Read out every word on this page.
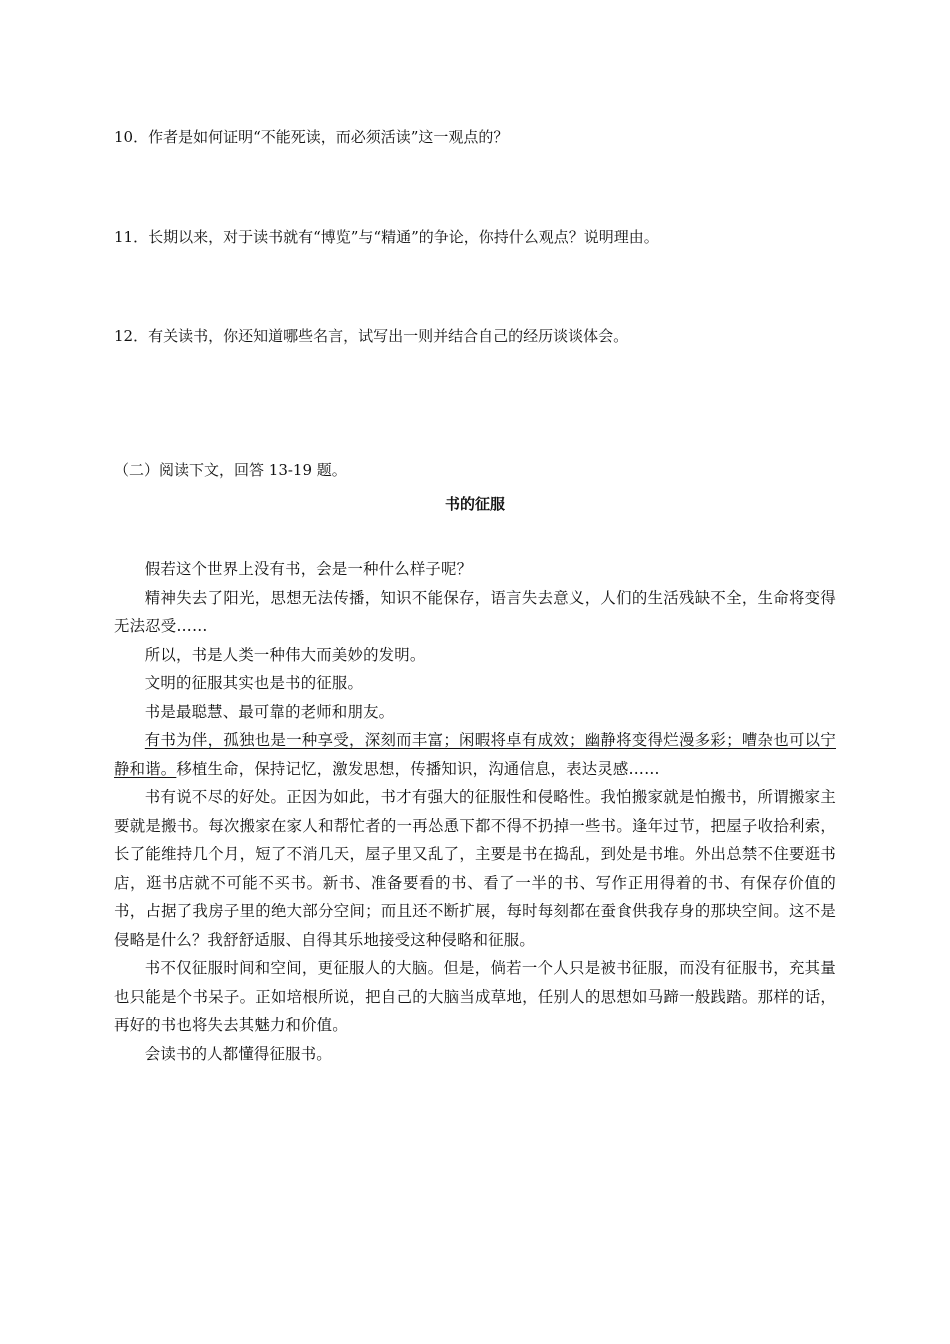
10．作者是如何证明“不能死读，而必须活读”这一观点的？
11．长期以来，对于读书就有“博览”与“精通”的争论，你持什么观点？说明理由。
12．有关读书，你还知道哪些名言，试写出一则并结合自己的经历谈谈体会。
（二）阅读下文，回答 13-19 题。
书的征服

假若这个世界上没有书，会是一种什么样子呢？

精神失去了阳光，思想无法传播，知识不能保存，语言失去意义，人们的生活残缺不全，生命将变得无法忍受……

所以，书是人类一种伟大而美妙的发明。

文明的征服其实也是书的征服。

书是最聪慧、最可靠的老师和朋友。

有书为伴，孤独也是一种享受，深刻而丰富；闲暇将卓有成效；幽静将变得烂漫多彩；嘈杂也可以宁静和谐。移植生命，保持记忆，激发思想，传播知识，沟通信息，表达灵感……

书有说不尽的好处。正因为如此，书才有强大的征服性和侵略性。我怕搬家就是怕搬书，所谓搬家主要就是搬书。每次搬家在家人和帮忙者的一再怂恿下都不得不扔掉一些书。逢年过节，把屋子收拾利索，长了能维持几个月，短了不消几天，屋子里又乱了，主要是书在捣乱，到处是书堆。外出总禁不住要逛书店，逛书店就不可能不买书。新书、准备要看的书、看了一半的书、写作正用得着的书、有保存价值的书，占据了我房子里的绝大部分空间；而且还不断扩展，每时每刻都在蚕食供我存身的那块空间。这不是侵略是什么？我舒舒适服、自得其乐地接受这种侵略和征服。

书不仅征服时间和空间，更征服人的大脑。但是，倘若一个人只是被书征服，而没有征服书，充其量也只能是个书呆子。正如培根所说，把自己的大脑当成草地，任别人的思想如马蹄一般践踏。那样的话，再好的书也将失去其魅力和价值。

会读书的人都懂得征服书。
